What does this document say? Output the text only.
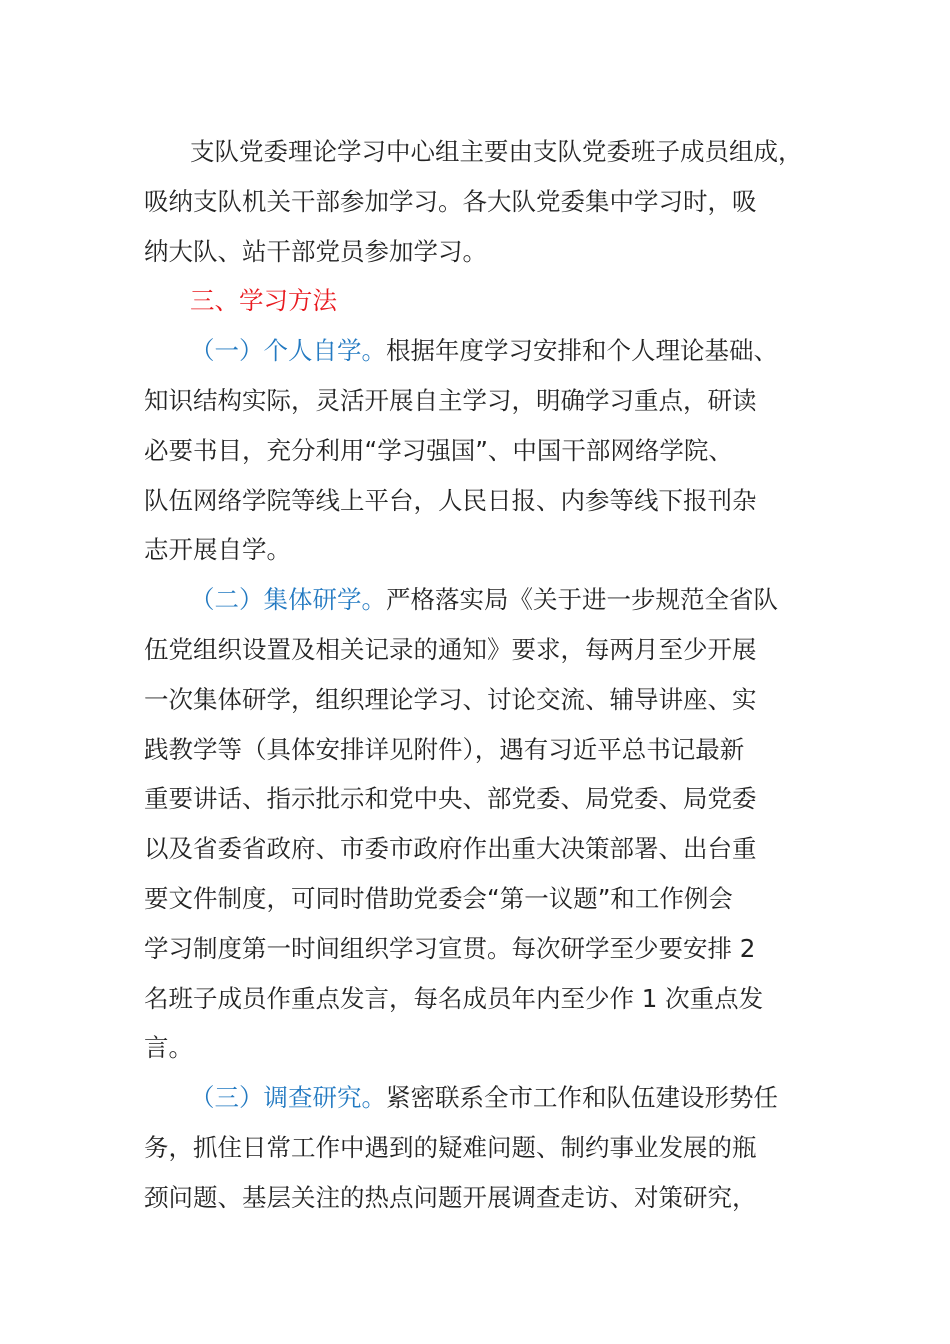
支队党委理论学习中心组主要由支队党委班子成员组成，
吸纳支队机关干部参加学习。各大队党委集中学习时，吸
纳大队、站干部党员参加学习。
三、学习方法
（一）个人自学。根据年度学习安排和个人理论基础、
知识结构实际，灵活开展自主学习，明确学习重点，研读
必要书目，充分利用“学习强国”、中国干部网络学院、
队伍网络学院等线上平台，人民日报、内参等线下报刊杂
志开展自学。
（二）集体研学。严格落实局《关于进一步规范全省队
伍党组织设置及相关记录的通知》要求，每两月至少开展
一次集体研学，组织理论学习、讨论交流、辅导讲座、实
践教学等（具体安排详见附件），遇有习近平总书记最新
重要讲话、指示批示和党中央、部党委、局党委、局党委
以及省委省政府、市委市政府作出重大决策部署、出台重
要文件制度，可同时借助党委会“第一议题”和工作例会
学习制度第一时间组织学习宣贯。每次研学至少要安排 2
名班子成员作重点发言，每名成员年内至少作 1 次重点发
言。
（三）调查研究。紧密联系全市工作和队伍建设形势任
务，抓住日常工作中遇到的疑难问题、制约事业发展的瓶
颈问题、基层关注的热点问题开展调查走访、对策研究，
